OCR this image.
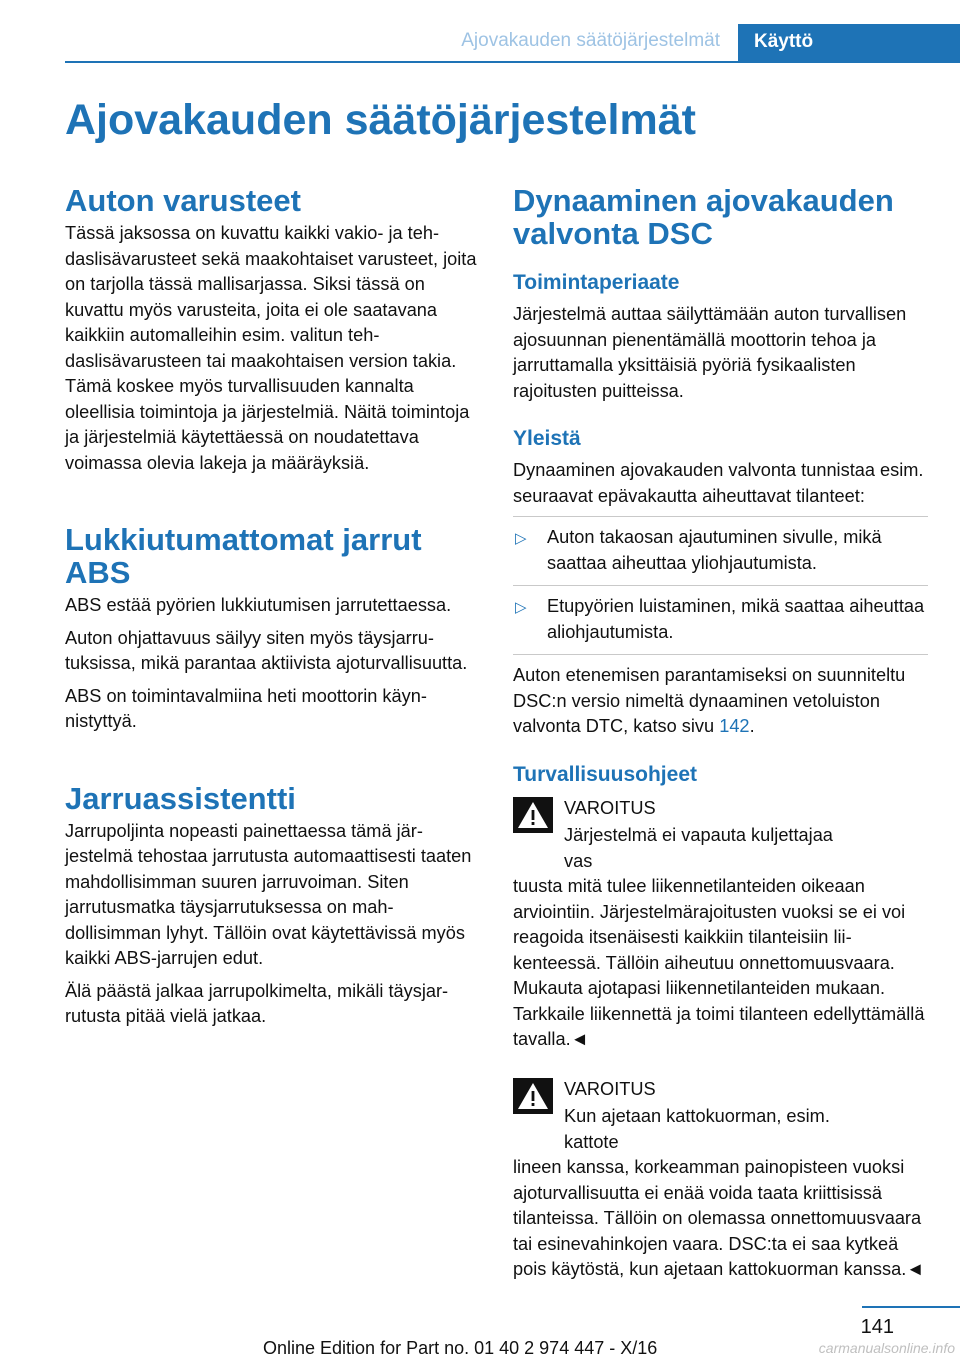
Ajovakauden säätöjärjestelmät	Käyttö
Ajovakauden säätöjärjestelmät
Auton varusteet

Tässä jaksossa on kuvattu kaikki vakio- ja tehdaslisävarusteet sekä maakohtaiset varusteet, joita on tarjolla tässä mallisarjassa. Siksi tässä on kuvattu myös varusteita, joita ei ole saatavana kaikkiin automalleihin esim. valitun tehdaslisävarusteen tai maakohtaisen version takia. Tämä koskee myös turvallisuuden kannalta oleellisia toimintoja ja järjestelmiä. Näitä toimintoja ja järjestelmiä käytettäessä on noudatettava voimassa olevia lakeja ja määräyksiä.

Lukkiutumattomat jarrut ABS

ABS estää pyörien lukkiutumisen jarrutettaessa.

Auton ohjattavuus säilyy siten myös täysjarrutuksissa, mikä parantaa aktiivista ajoturvallisuutta.

ABS on toimintavalmiina heti moottorin käynnistyttyä.

Jarruassistentti

Jarrupoljinta nopeasti painettaessa tämä järjestelmä tehostaa jarrutusta automaattisesti taaten mahdollisimman suuren jarruvoiman. Siten jarrutusmatka täysjarrutuksessa on mahdollisimman lyhyt. Tällöin ovat käytettävissä myös kaikki ABS-jarrujen edut.

Älä päästä jalkaa jarrupolkimelta, mikäli täysjarrutusta pitää vielä jatkaa.

Dynaaminen ajovakauden valvonta DSC
Toimintaperiaate

Järjestelmä auttaa säilyttämään auton turvallisen ajosuunnan pienentämällä moottorin tehoa ja jarruttamalla yksittäisiä pyöriä fysikaalisten rajoitusten puitteissa.

Yleistä

Dynaaminen ajovakauden valvonta tunnistaa esim. seuraavat epävakautta aiheuttavat tilanteet:

▷ Auton takaosan ajautuminen sivulle, mikä saattaa aiheuttaa yliohjautumista.
▷ Etupyörien luistaminen, mikä saattaa aiheuttaa aliohjautumista.

Auton etenemisen parantamiseksi on suunniteltu DSC:n versio nimeltä dynaaminen vetoluiston valvonta DTC, katso sivu 142.

Turvallisuusohjeet
VAROITUS
Järjestelmä ei vapauta kuljettajaa vas
tuusta mitä tulee liikennetilanteiden oikeaan arviointiin. Järjestelmärajoitusten vuoksi se ei voi reagoida itsenäisesti kaikkiin tilanteisiin liikenteessä. Tällöin aiheutuu onnettomuusvaara. Mukauta ajotapasi liikennetilanteiden mukaan. Tarkkaile liikennettä ja toimi tilanteen edellyttämällä tavalla.◄
VAROITUS
Kun ajetaan kattokuorman, esim. kattote
lineen kanssa, korkeamman painopisteen vuoksi ajoturvallisuutta ei enää voida taata kriittisissä tilanteissa. Tällöin on olemassa onnettomuusvaara tai esinevahinkojen vaara. DSC:ta ei saa kytkeä pois käytöstä, kun ajetaan kattokuorman kanssa.◄
141
Online Edition for Part no. 01 40 2 974 447 - X/16	carmanualsonline.info
